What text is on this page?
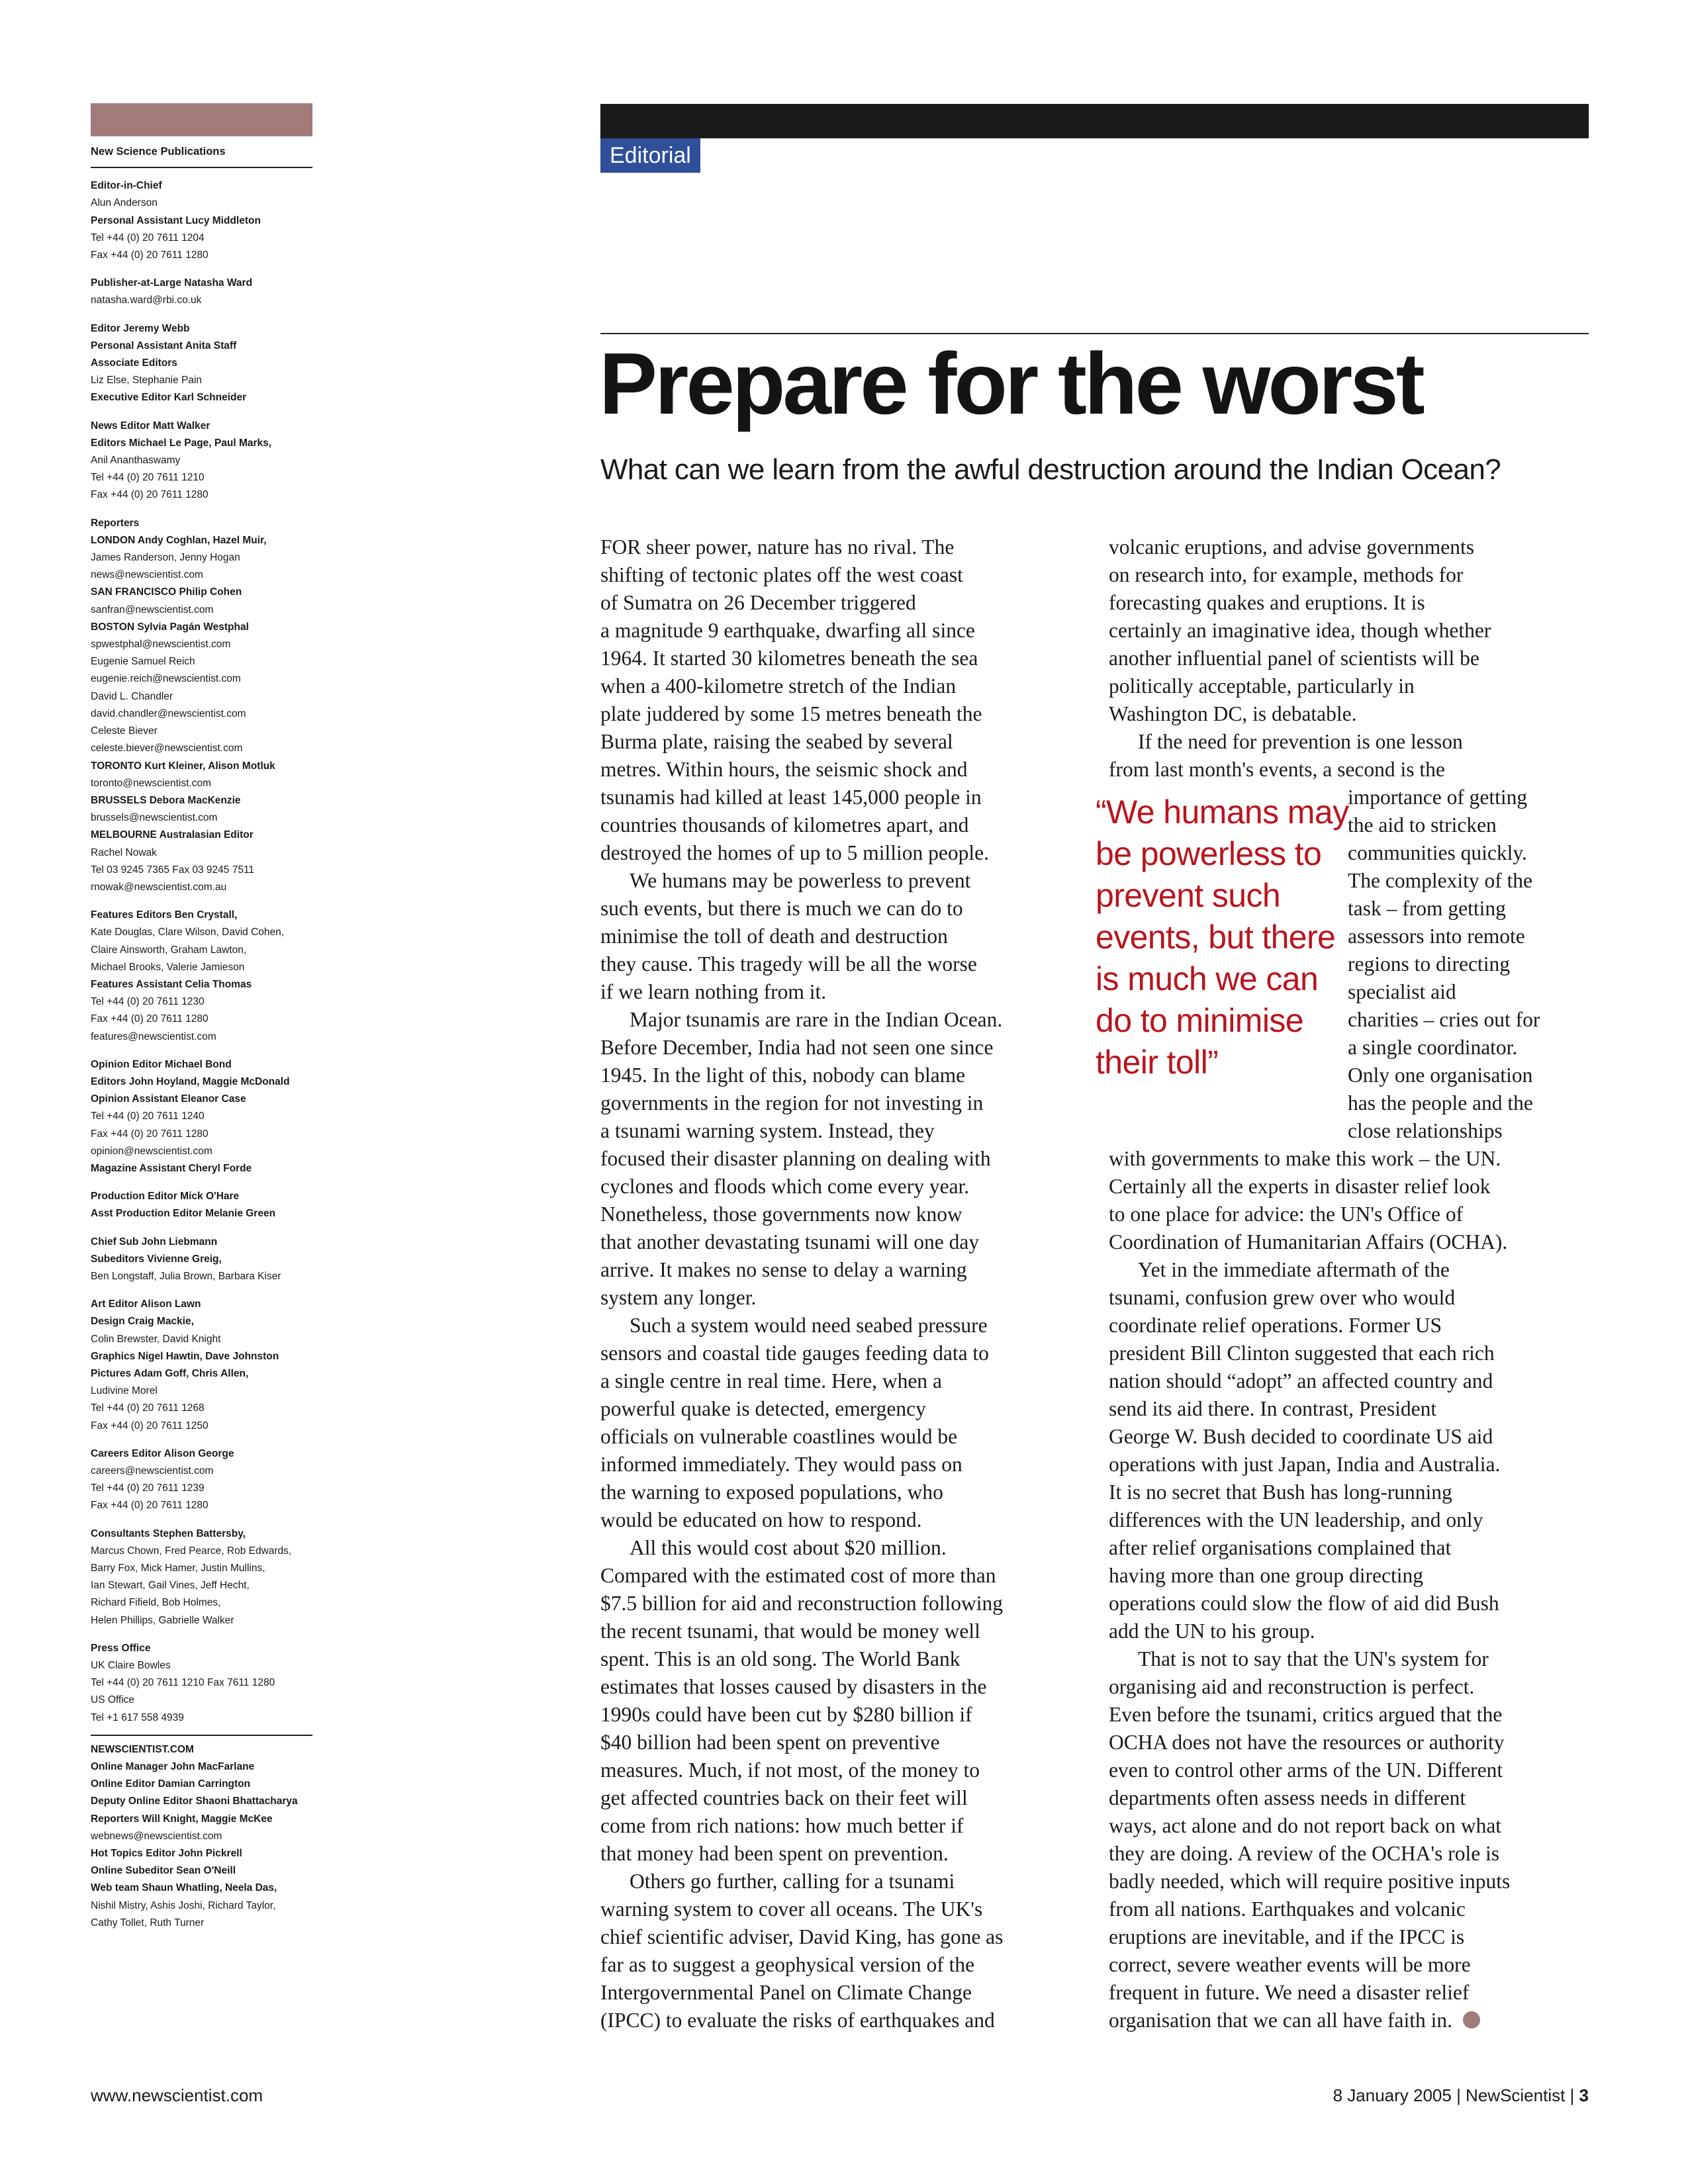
New Science Publications
Editor-in-Chief
Alun Anderson
Personal Assistant Lucy Middleton
Tel +44 (0) 20 7611 1204
Fax +44 (0) 20 7611 1280
Publisher-at-Large Natasha Ward
natasha.ward@rbi.co.uk
Editor Jeremy Webb
Personal Assistant Anita Staff
Associate Editors
Liz Else, Stephanie Pain
Executive Editor Karl Schneider
News Editor Matt Walker
Editors Michael Le Page, Paul Marks,
Anil Ananthaswamy
Tel +44 (0) 20 7611 1210
Fax +44 (0) 20 7611 1280
Reporters
LONDON Andy Coghlan, Hazel Muir,
James Randerson, Jenny Hogan
news@newscientist.com
SAN FRANCISCO Philip Cohen
sanfran@newscientist.com
BOSTON Sylvia Pagán Westphal
spwestphal@newscientist.com
Eugenie Samuel Reich
eugenie.reich@newscientist.com
David L. Chandler
david.chandler@newscientist.com
Celeste Biever
celeste.biever@newscientist.com
TORONTO Kurt Kleiner, Alison Motluk
toronto@newscientist.com
BRUSSELS Debora MacKenzie
brussels@newscientist.com
MELBOURNE Australasian Editor
Rachel Nowak
Tel 03 9245 7365 Fax 03 9245 7511
rnowak@newscientist.com.au
Features Editors Ben Crystall,
Kate Douglas, Clare Wilson, David Cohen,
Claire Ainsworth, Graham Lawton,
Michael Brooks, Valerie Jamieson
Features Assistant Celia Thomas
Tel +44 (0) 20 7611 1230
Fax +44 (0) 20 7611 1280
features@newscientist.com
Opinion Editor Michael Bond
Editors John Hoyland, Maggie McDonald
Opinion Assistant Eleanor Case
Tel +44 (0) 20 7611 1240
Fax +44 (0) 20 7611 1280
opinion@newscientist.com
Magazine Assistant Cheryl Forde
Production Editor Mick O'Hare
Asst Production Editor Melanie Green
Chief Sub John Liebmann
Subeditors Vivienne Greig,
Ben Longstaff, Julia Brown, Barbara Kiser
Art Editor Alison Lawn
Design Craig Mackie,
Colin Brewster, David Knight
Graphics Nigel Hawtin, Dave Johnston
Pictures Adam Goff, Chris Allen,
Ludivine Morel
Tel +44 (0) 20 7611 1268
Fax +44 (0) 20 7611 1250
Careers Editor Alison George
careers@newscientist.com
Tel +44 (0) 20 7611 1239
Fax +44 (0) 20 7611 1280
Consultants Stephen Battersby,
Marcus Chown, Fred Pearce, Rob Edwards,
Barry Fox, Mick Hamer, Justin Mullins,
Ian Stewart, Gail Vines, Jeff Hecht,
Richard Fifield, Bob Holmes,
Helen Phillips, Gabrielle Walker
Press Office
UK Claire Bowles
Tel +44 (0) 20 7611 1210 Fax 7611 1280
US Office
Tel +1 617 558 4939
NEWSCIENTIST.COM
Online Manager John MacFarlane
Online Editor Damian Carrington
Deputy Online Editor Shaoni Bhattacharya
Reporters Will Knight, Maggie McKee
webnews@newscientist.com
Hot Topics Editor John Pickrell
Online Subeditor Sean O'Neill
Web team Shaun Whatling, Neela Das,
Nishil Mistry, Ashis Joshi, Richard Taylor,
Cathy Tollet, Ruth Turner
Editorial
Prepare for the worst

What can we learn from the awful destruction around the Indian Ocean?

FOR sheer power, nature has no rival. The
shifting of tectonic plates off the west coast
of Sumatra on 26 December triggered
a magnitude 9 earthquake, dwarfing all since
1964. It started 30 kilometres beneath the sea
when a 400-kilometre stretch of the Indian
plate juddered by some 15 metres beneath the
Burma plate, raising the seabed by several
metres. Within hours, the seismic shock and
tsunamis had killed at least 145,000 people in
countries thousands of kilometres apart, and
destroyed the homes of up to 5 million people.
We humans may be powerless to prevent
such events, but there is much we can do to
minimise the toll of death and destruction
they cause. This tragedy will be all the worse
if we learn nothing from it.
Major tsunamis are rare in the Indian Ocean.
Before December, India had not seen one since
1945. In the light of this, nobody can blame
governments in the region for not investing in
a tsunami warning system. Instead, they
focused their disaster planning on dealing with
cyclones and floods which come every year.
Nonetheless, those governments now know
that another devastating tsunami will one day
arrive. It makes no sense to delay a warning
system any longer.
Such a system would need seabed pressure
sensors and coastal tide gauges feeding data to
a single centre in real time. Here, when a
powerful quake is detected, emergency
officials on vulnerable coastlines would be
informed immediately. They would pass on
the warning to exposed populations, who
would be educated on how to respond.
All this would cost about $20 million.
Compared with the estimated cost of more than
$7.5 billion for aid and reconstruction following
the recent tsunami, that would be money well
spent. This is an old song. The World Bank
estimates that losses caused by disasters in the
1990s could have been cut by $280 billion if
$40 billion had been spent on preventive
measures. Much, if not most, of the money to
get affected countries back on their feet will
come from rich nations: how much better if
that money had been spent on prevention.
Others go further, calling for a tsunami
warning system to cover all oceans. The UK's
chief scientific adviser, David King, has gone as
far as to suggest a geophysical version of the
Intergovernmental Panel on Climate Change
(IPCC) to evaluate the risks of earthquakes and
volcanic eruptions, and advise governments
on research into, for example, methods for
forecasting quakes and eruptions. It is
certainly an imaginative idea, though whether
another influential panel of scientists will be
politically acceptable, particularly in
Washington DC, is debatable.
If the need for prevention is one lesson
from last month's events, a second is the
importance of getting
the aid to stricken
communities quickly.
The complexity of the
task – from getting
assessors into remote
regions to directing
specialist aid
charities – cries out for
a single coordinator.
Only one organisation
has the people and the
close relationships
with governments to make this work – the UN.
Certainly all the experts in disaster relief look
to one place for advice: the UN's Office of
Coordination of Humanitarian Affairs (OCHA).
Yet in the immediate aftermath of the
tsunami, confusion grew over who would
coordinate relief operations. Former US
president Bill Clinton suggested that each rich
nation should “adopt” an affected country and
send its aid there. In contrast, President
George W. Bush decided to coordinate US aid
operations with just Japan, India and Australia.
It is no secret that Bush has long-running
differences with the UN leadership, and only
after relief organisations complained that
having more than one group directing
operations could slow the flow of aid did Bush
add the UN to his group.
That is not to say that the UN's system for
organising aid and reconstruction is perfect.
Even before the tsunami, critics argued that the
OCHA does not have the resources or authority
even to control other arms of the UN. Different
departments often assess needs in different
ways, act alone and do not report back on what
they are doing. A review of the OCHA's role is
badly needed, which will require positive inputs
from all nations. Earthquakes and volcanic
eruptions are inevitable, and if the IPCC is
correct, severe weather events will be more
frequent in future. We need a disaster relief
organisation that we can all have faith in.
“We humans may
be powerless to
prevent such
events, but there
is much we can
do to minimise
their toll”
www.newscientist.com	8 January 2005 | NewScientist | 3
